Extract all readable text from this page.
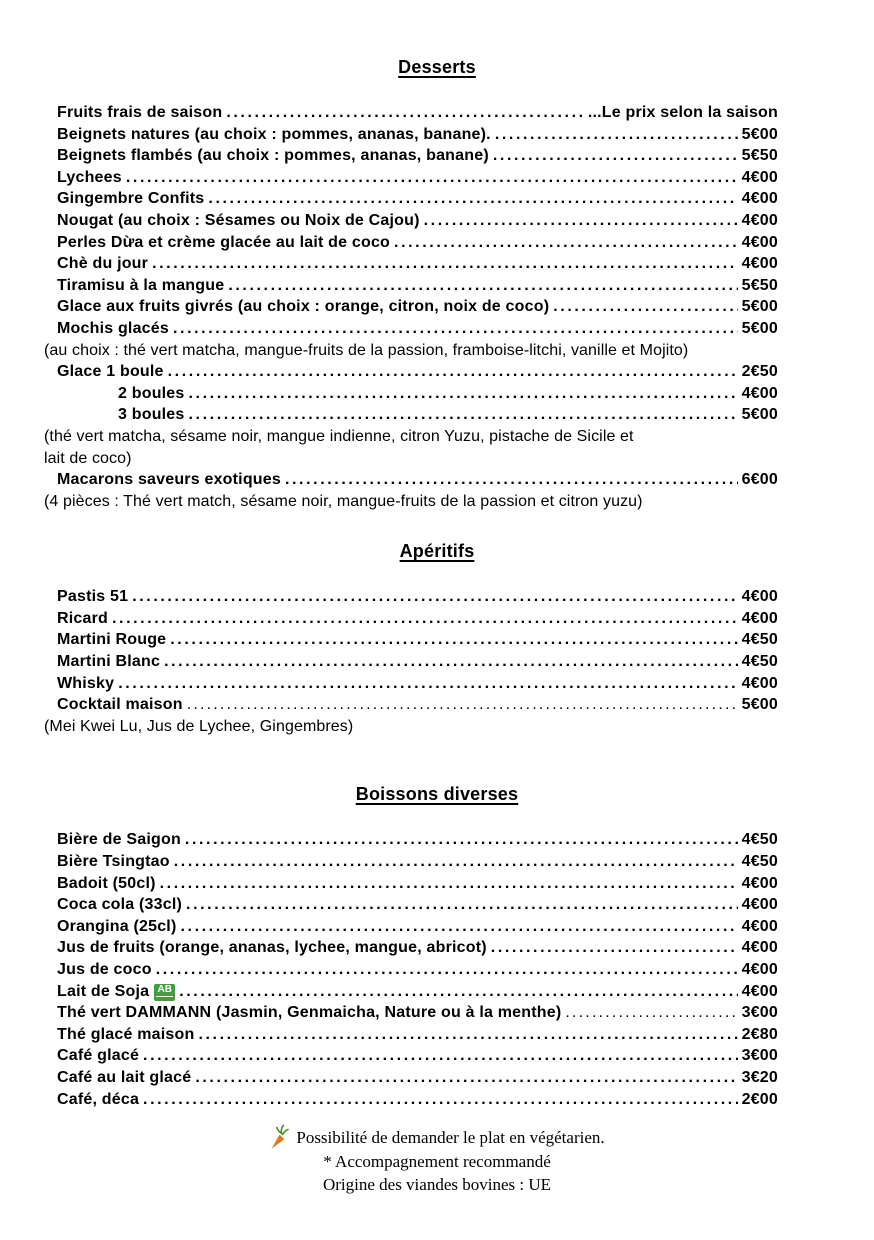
Desserts
Fruits frais de saison .....	...Le prix selon la saison
Beignets natures (au choix : pommes, ananas, banane). .....	5€00
Beignets flambés (au choix : pommes, ananas, banane) .....	5€50
Lychees .....	4€00
Gingembre Confits .....	4€00
Nougat (au choix : Sésames ou Noix de Cajou) .....	4€00
Perles Dừa et crème glacée au lait de coco .....	4€00
Chè du jour .....	4€00
Tiramisu à la mangue .....	5€50
Glace aux fruits givrés (au choix : orange, citron, noix de coco) .....	5€00
Mochis glacés .....	5€00
(au choix : thé vert matcha, mangue-fruits de la passion, framboise-litchi, vanille et Mojito)
Glace 1 boule .....	2€50
2 boules .....	4€00
3 boules .....	5€00
(thé vert matcha, sésame noir, mangue indienne, citron Yuzu, pistache de Sicile et
lait de coco)
Macarons saveurs exotiques .....	6€00
(4 pièces : Thé vert match, sésame noir, mangue-fruits de la passion et citron yuzu)
Apéritifs
Pastis 51 .....	4€00
Ricard .....	4€00
Martini Rouge .....	4€50
Martini Blanc .....	4€50
Whisky .....	4€00
Cocktail maison .....	5€00
(Mei Kwei Lu, Jus de Lychee, Gingembres)
Boissons diverses
Bière de Saigon .....	4€50
Bière Tsingtao .....	4€50
Badoit (50cl) .....	4€00
Coca cola (33cl) .....	4€00
Orangina (25cl) .....	4€00
Jus de fruits (orange, ananas, lychee, mangue, abricot) .....	4€00
Jus de coco .....	4€00
Lait de Soja AB .....	4€00
Thé vert DAMMANN (Jasmin, Genmaicha, Nature ou à la menthe) .....	3€00
Thé glacé maison .....	2€80
Café glacé .....	3€00
Café au lait glacé .....	3€20
Café, déca .....	2€00
Possibilité de demander le plat en végétarien.
* Accompagnement recommandé
Origine des viandes bovines : UE
